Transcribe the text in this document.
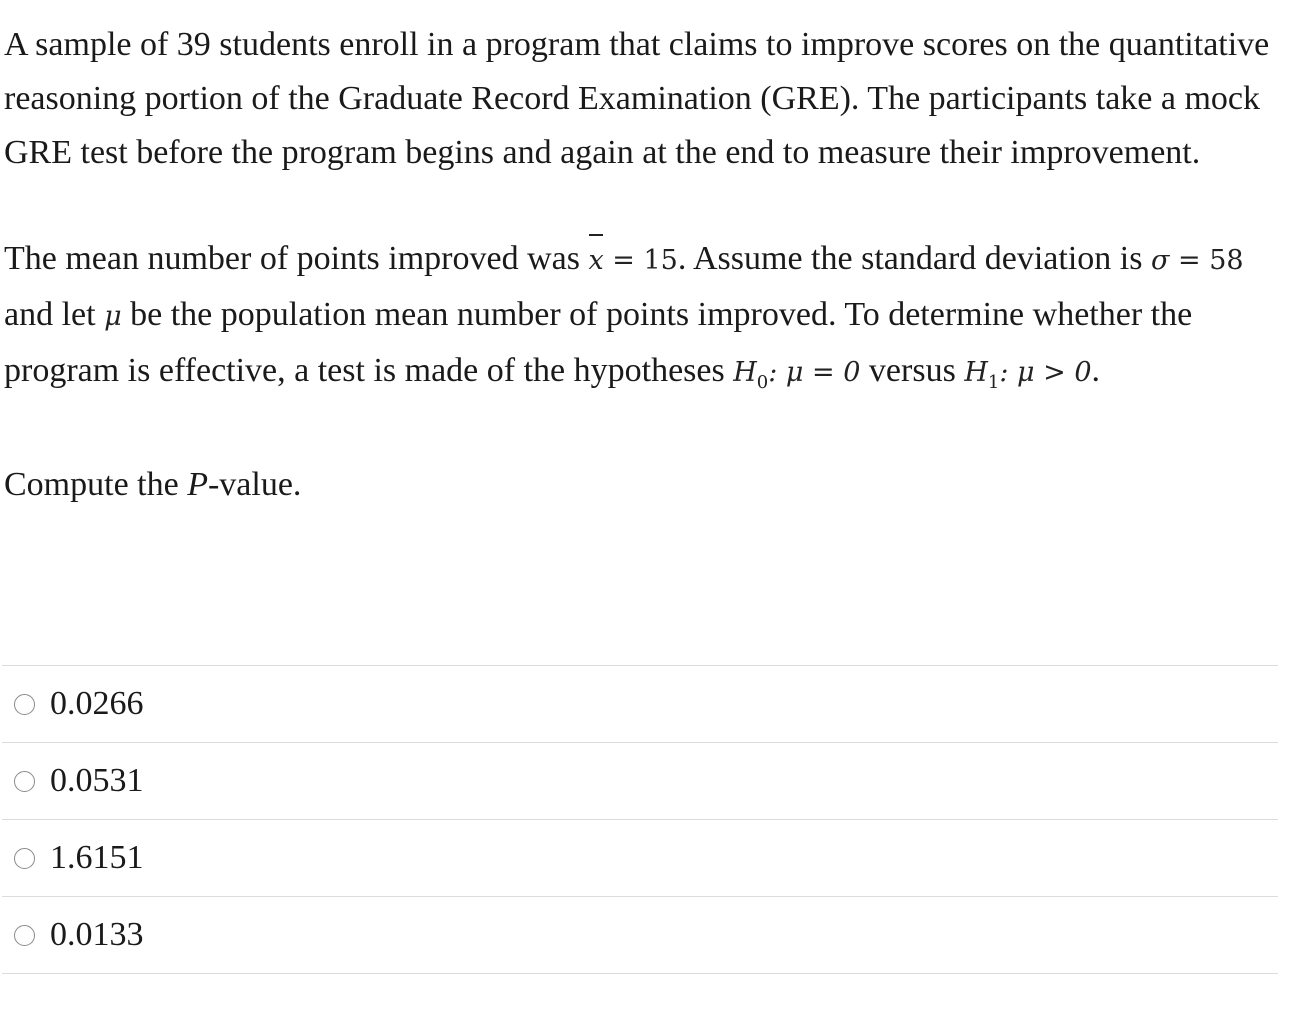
A sample of 39 students enroll in a program that claims to improve scores on the quantitative reasoning portion of the Graduate Record Examination (GRE). The participants take a mock GRE test before the program begins and again at the end to measure their improvement.

The mean number of points improved was x = 15. Assume the standard deviation is σ = 58 and let μ be the population mean number of points improved. To determine whether the program is effective, a test is made of the hypotheses $H_0$: μ = 0 versus $H_1$: μ > 0.

Compute the P-value.

0.0266
0.0531
1.6151
0.0133
